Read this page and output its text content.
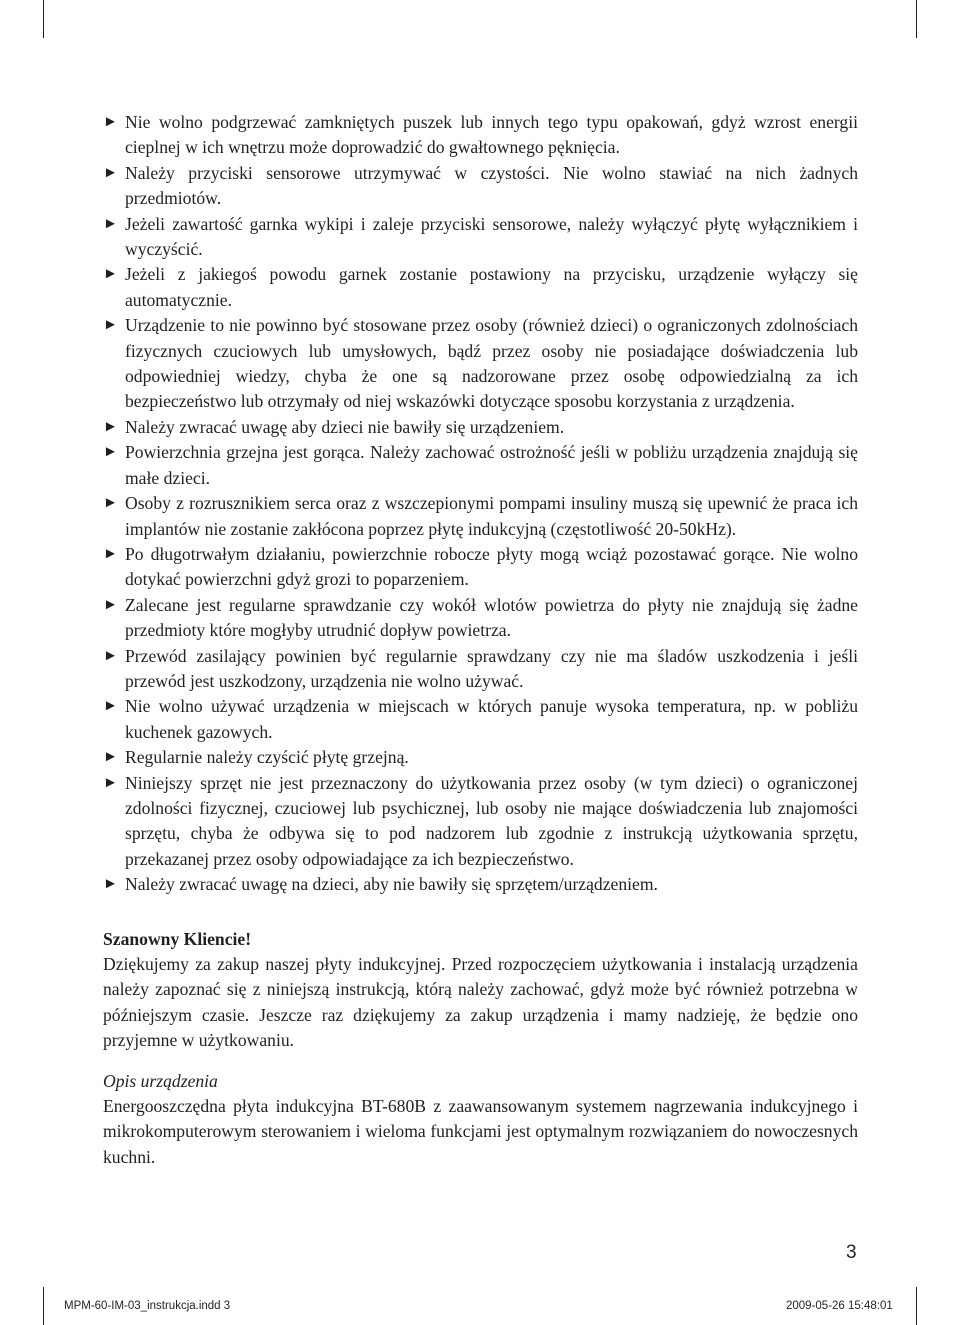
► Nie wolno podgrzewać zamkniętych puszek lub innych tego typu opakowań, gdyż wzrost energii cieplnej w ich wnętrzu może doprowadzić do gwałtownego pęknięcia.
► Należy przyciski sensorowe utrzymywać w czystości. Nie wolno stawiać na nich żadnych przedmiotów.
► Jeżeli zawartość garnka wykipi i zaleje przyciski sensorowe, należy wyłączyć płytę wyłącznikiem i wyczyścić.
► Jeżeli z jakiegoś powodu garnek zostanie postawiony na przycisku, urządzenie wyłączy się automatycznie.
► Urządzenie to nie powinno być stosowane przez osoby (również dzieci) o ograniczonych zdolnościach fizycznych czuciowych lub umysłowych, bądź przez osoby nie posiadające doświadczenia lub odpowiedniej wiedzy, chyba że one są nadzorowane przez osobę odpowiedzialną za ich bezpieczeństwo lub otrzymały od niej wskazówki dotyczące sposobu korzystania z urządzenia.
► Należy zwracać uwagę aby dzieci nie bawiły się urządzeniem.
► Powierzchnia grzejna jest gorąca. Należy zachować ostrożność jeśli w pobliżu urządzenia znajdują się małe dzieci.
► Osoby z rozrusznikiem serca oraz z wszczepionymi pompami insuliny muszą się upewnić że praca ich implantów nie zostanie zakłócona poprzez płytę indukcyjną (częstotliwość 20-50kHz).
► Po długotrwałym działaniu, powierzchnie robocze płyty mogą wciąż pozostawać gorące. Nie wolno dotykać powierzchni gdyż grozi to poparzeniem.
► Zalecane jest regularne sprawdzanie czy wokół wlotów powietrza do płyty nie znajdują się żadne przedmioty które mogłyby utrudnić dopływ powietrza.
► Przewód zasilający powinien być regularnie sprawdzany czy nie ma śladów uszkodzenia i jeśli przewód jest uszkodzony, urządzenia nie wolno używać.
► Nie wolno używać urządzenia w miejscach w których panuje wysoka temperatura, np. w pobliżu kuchenek gazowych.
► Regularnie należy czyścić płytę grzejną.
► Niniejszy sprzęt nie jest przeznaczony do użytkowania przez osoby (w tym dzieci) o ograniczonej zdolności fizycznej, czuciowej lub psychicznej, lub osoby nie mające doświadczenia lub znajomości sprzętu, chyba że odbywa się to pod nadzorem lub zgodnie z instrukcją użytkowania sprzętu, przekazanej przez osoby odpowiadające za ich bezpieczeństwo.
► Należy zwracać uwagę na dzieci, aby nie bawiły się sprzętem/urządzeniem.
Szanowny Kliencie!

Dziękujemy za zakup naszej płyty indukcyjnej. Przed rozpoczęciem użytkowania i instalacją urządzenia należy zapoznać się z niniejszą instrukcją, którą należy zachować, gdyż może być również potrzebna w późniejszym czasie. Jeszcze raz dziękujemy za zakup urządzenia i mamy nadzieję, że będzie ono przyjemne w użytkowaniu.

Opis urządzenia

Energooszczędna płyta indukcyjna BT-680B z zaawansowanym systemem nagrzewania indukcyjnego i mikrokomputerowym sterowaniem i wieloma funkcjami jest optymalnym rozwiązaniem do nowoczesnych kuchni.

3
MPM-60-IM-03_instrukcja.indd 3	2009-05-26 15:48:01
